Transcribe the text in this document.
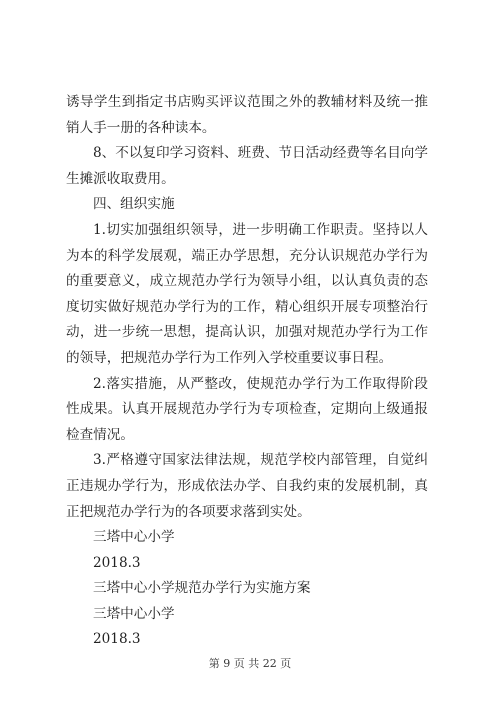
诱导学生到指定书店购买评议范围之外的教辅材料及统一推销人手一册的各种读本。

8、不以复印学习资料、班费、节日活动经费等名目向学生摊派收取费用。

四、组织实施

1.切实加强组织领导，进一步明确工作职责。坚持以人为本的科学发展观，端正办学思想，充分认识规范办学行为的重要意义，成立规范办学行为领导小组，以认真负责的态度切实做好规范办学行为的工作，精心组织开展专项整治行动，进一步统一思想，提高认识，加强对规范办学行为工作的领导，把规范办学行为工作列入学校重要议事日程。

2.落实措施，从严整改，使规范办学行为工作取得阶段性成果。认真开展规范办学行为专项检查，定期向上级通报检查情况。

3.严格遵守国家法律法规，规范学校内部管理，自觉纠正违规办学行为，形成依法办学、自我约束的发展机制，真正把规范办学行为的各项要求落到实处。

三塔中心小学

2018.3

三塔中心小学规范办学行为实施方案

三塔中心小学

2018.3

第 9 页 共 22 页
